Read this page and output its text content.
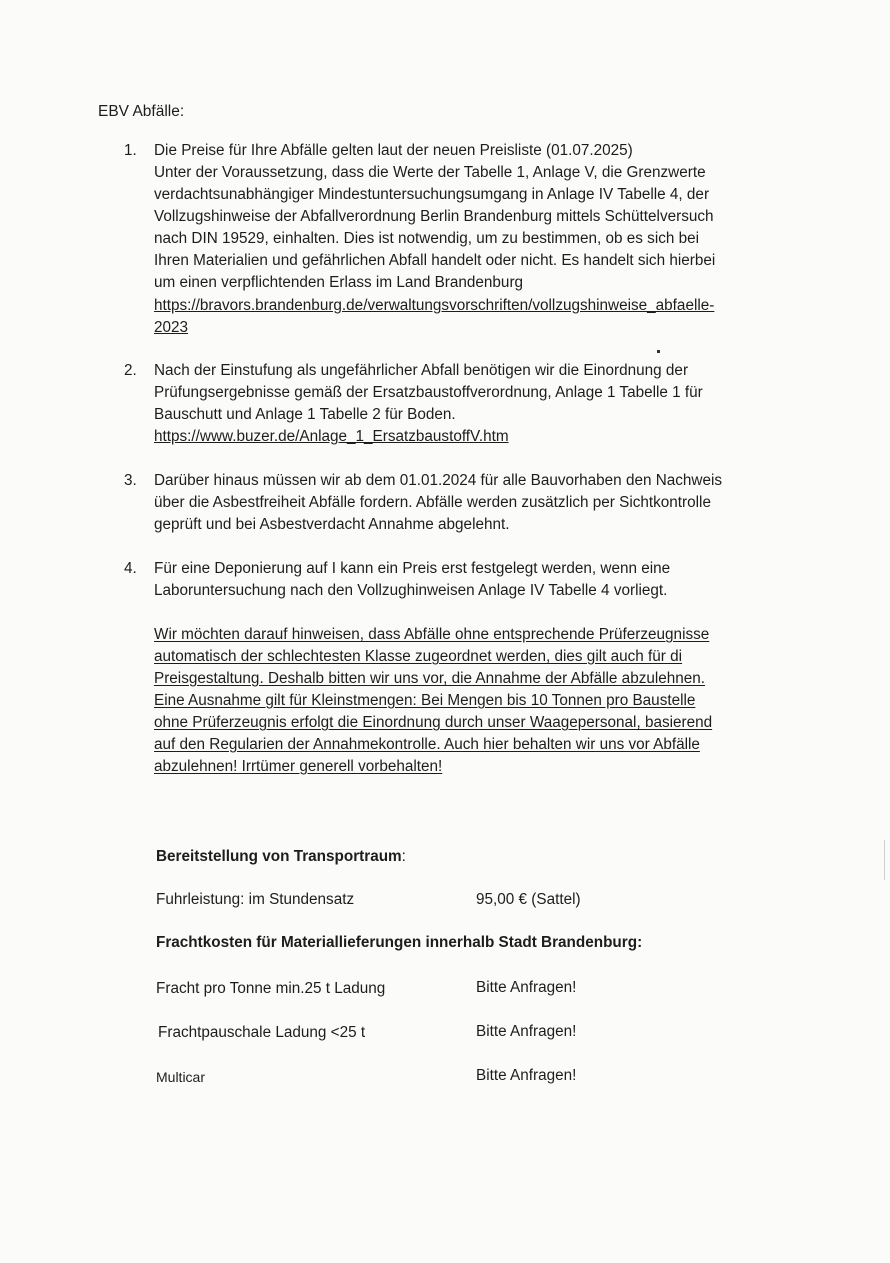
EBV Abfälle:
1.	Die Preise für Ihre Abfälle gelten laut der neuen Preisliste (01.07.2025)
Unter der Voraussetzung, dass die Werte der Tabelle 1, Anlage V, die Grenzwerte
verdachtsunabhängiger Mindestuntersuchungsumgang in Anlage IV Tabelle 4, der
Vollzugshinweise der Abfallverordnung Berlin Brandenburg mittels Schüttelversuch
nach DIN 19529, einhalten. Dies ist notwendig, um zu bestimmen, ob es sich bei
Ihren Materialien und gefährlichen Abfall handelt oder nicht. Es handelt sich hierbei
um einen verpflichtenden Erlass im Land Brandenburg
https://bravors.brandenburg.de/verwaltungsvorschriften/vollzugshinweise_abfaelle-
2023
2.	Nach der Einstufung als ungefährlicher Abfall benötigen wir die Einordnung der
Prüfungsergebnisse gemäß der Ersatzbaustoffverordnung, Anlage 1 Tabelle 1 für
Bauschutt und Anlage 1 Tabelle 2 für Boden.
https://www.buzer.de/Anlage_1_ErsatzbaustoffV.htm
3.	Darüber hinaus müssen wir ab dem 01.01.2024 für alle Bauvorhaben den Nachweis
über die Asbestfreiheit Abfälle fordern. Abfälle werden zusätzlich per Sichtkontrolle
geprüft und bei Asbestverdacht Annahme abgelehnt.
4.	Für eine Deponierung auf I kann ein Preis erst festgelegt werden, wenn eine
Laboruntersuchung nach den Vollzughinweisen Anlage IV Tabelle 4 vorliegt.
Wir möchten darauf hinweisen, dass Abfälle ohne entsprechende Prüferzeugnisse
automatisch der schlechtesten Klasse zugeordnet werden, dies gilt auch für di
Preisgestaltung. Deshalb bitten wir uns vor, die Annahme der Abfälle abzulehnen.
Eine Ausnahme gilt für Kleinstmengen: Bei Mengen bis 10 Tonnen pro Baustelle
ohne Prüferzeugnis erfolgt die Einordnung durch unser Waagepersonal, basierend
auf den Regularien der Annahmekontrolle. Auch hier behalten wir uns vor Abfälle
abzulehnen! Irrtümer generell vorbehalten!
Bereitstellung von Transportraum:
Fuhrleistung: im Stundensatz	95,00 € (Sattel)
Frachtkosten für Materiallieferungen innerhalb Stadt Brandenburg:
Fracht pro Tonne min.25 t Ladung	Bitte Anfragen!
Frachtpauschale Ladung <25 t	Bitte Anfragen!
Multicar	Bitte Anfragen!
